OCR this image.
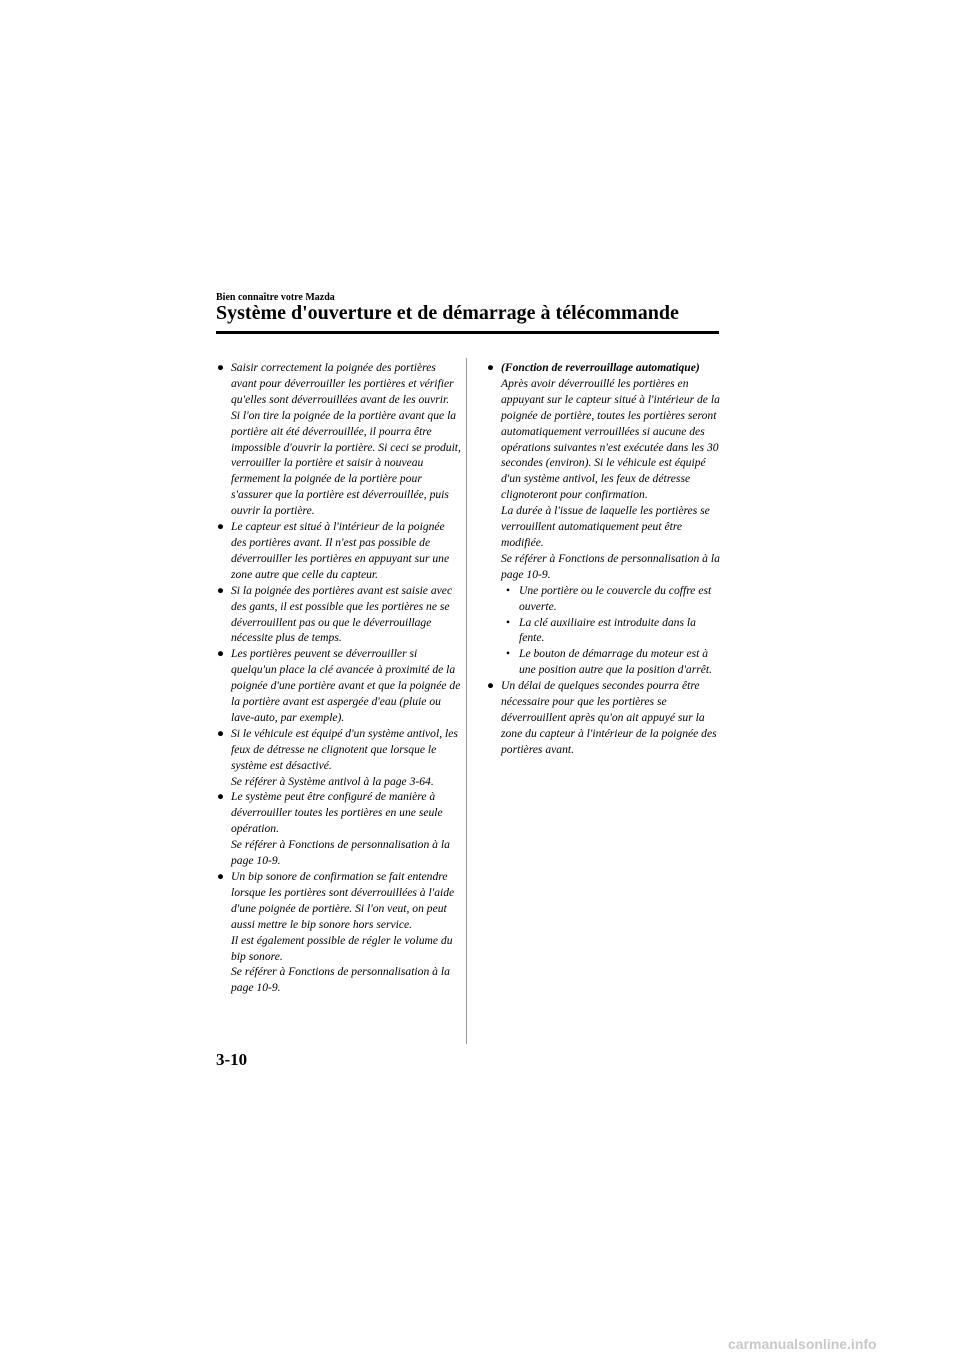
Bien connaître votre Mazda
Système d'ouverture et de démarrage à télécommande
● Saisir correctement la poignée des portières avant pour déverrouiller les portières et vérifier qu'elles sont déverrouillées avant de les ouvrir.

Si l'on tire la poignée de la portière avant que la portière ait été déverrouillée, il pourra être impossible d'ouvrir la portière. Si ceci se produit, verrouiller la portière et saisir à nouveau fermement la poignée de la portière pour s'assurer que la portière est déverrouillée, puis ouvrir la portière.

● Le capteur est situé à l'intérieur de la poignée des portières avant. Il n'est pas possible de déverrouiller les portières en appuyant sur une zone autre que celle du capteur.

● Si la poignée des portières avant est saisie avec des gants, il est possible que les portières ne se déverrouillent pas ou que le déverrouillage nécessite plus de temps.

● Les portières peuvent se déverrouiller si quelqu'un place la clé avancée à proximité de la poignée d'une portière avant et que la poignée de la portière avant est aspergée d'eau (pluie ou lave-auto, par exemple).

● Si le véhicule est équipé d'un système antivol, les feux de détresse ne clignotent que lorsque le système est désactivé.

Se référer à Système antivol à la page 3-64.

● Le système peut être configuré de manière à déverrouiller toutes les portières en une seule opération.

Se référer à Fonctions de personnalisation à la page 10-9.

● Un bip sonore de confirmation se fait entendre lorsque les portières sont déverrouillées à l'aide d'une poignée de portière. Si l'on veut, on peut aussi mettre le bip sonore hors service.

Il est également possible de régler le volume du bip sonore.

Se référer à Fonctions de personnalisation à la page 10-9.

● (Fonction de reverrouillage automatique)

Après avoir déverrouillé les portières en appuyant sur le capteur situé à l'intérieur de la poignée de portière, toutes les portières seront automatiquement verrouillées si aucune des opérations suivantes n'est exécutée dans les 30 secondes (environ). Si le véhicule est équipé d'un système antivol, les feux de détresse clignoteront pour confirmation.

La durée à l'issue de laquelle les portières se verrouillent automatiquement peut être modifiée.

Se référer à Fonctions de personnalisation à la page 10-9.

• Une portière ou le couvercle du coffre est ouverte.

• La clé auxiliaire est introduite dans la fente.

• Le bouton de démarrage du moteur est à une position autre que la position d'arrêt.

● Un délai de quelques secondes pourra être nécessaire pour que les portières se déverrouillent après qu'on ait appuyé sur la zone du capteur à l'intérieur de la poignée des portières avant.

3-10
carmanualsonline.info
